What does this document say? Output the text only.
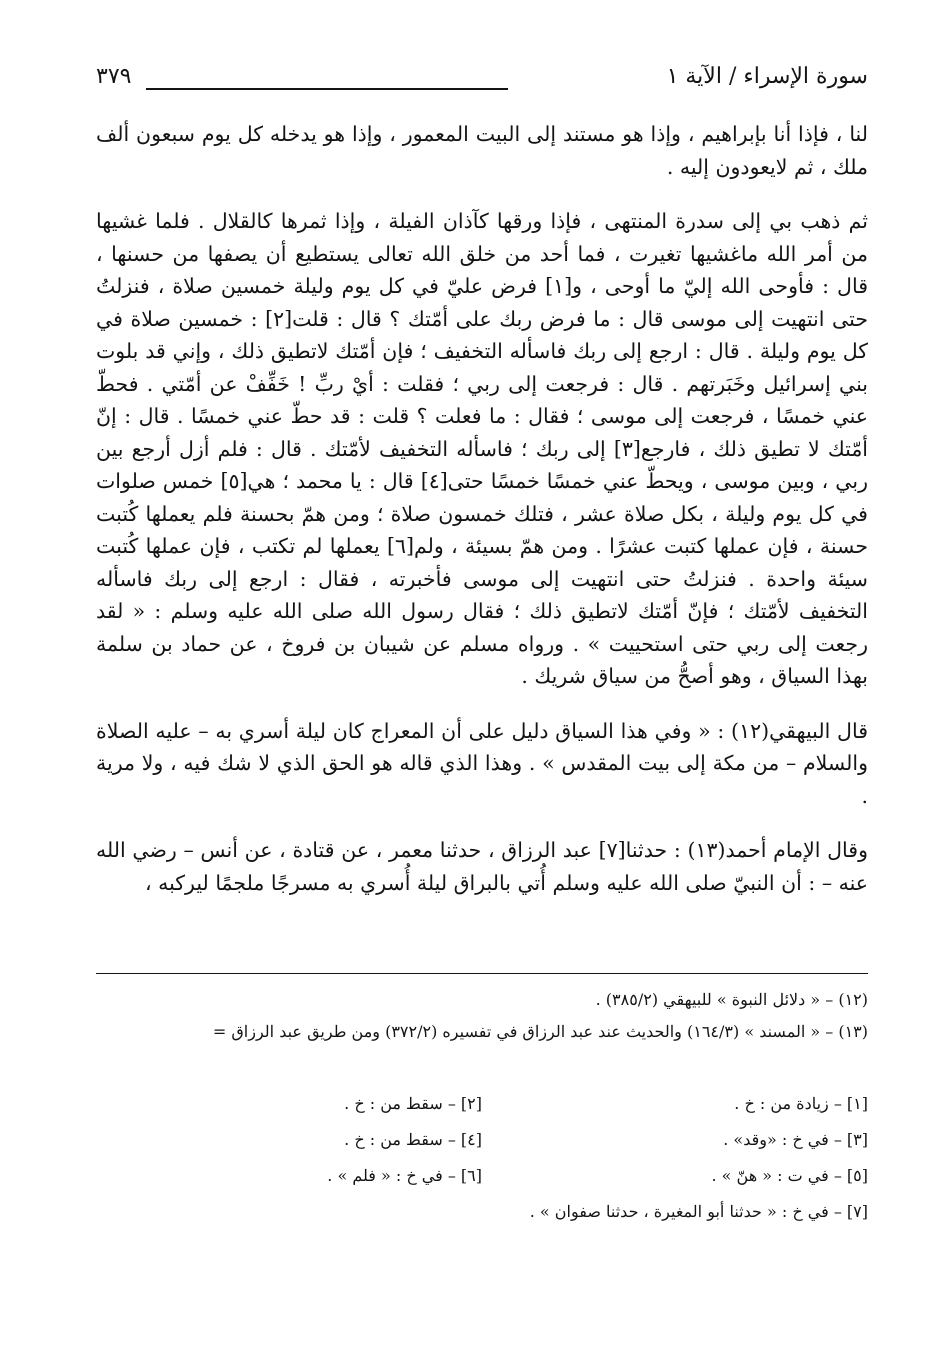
سورة الإسراء / الآية ١
٣٧٩

لنا ، فإذا أنا بإبراهيم ، وإذا هو مستند إلى البيت المعمور ، وإذا هو يدخله كل يوم سبعون ألف ملك ، ثم لايعودون إليه .

ثم ذهب بي إلى سدرة المنتهى ، فإذا ورقها كآذان الفيلة ، وإذا ثمرها كالقلال . فلما غشيها من أمر الله ماغشيها تغيرت ، فما أحد من خلق الله تعالى يستطيع أن يصفها من حسنها ، قال : فأوحى الله إليّ ما أوحى ، و[١] فرض عليّ في كل يوم وليلة خمسين صلاة ، فنزلتُ حتى انتهيت إلى موسى قال : ما فرض ربك على أمّتك ؟ قال : قلت[٢] : خمسين صلاة في كل يوم وليلة . قال : ارجع إلى ربك فاسأله التخفيف ؛ فإن أمّتك لاتطيق ذلك ، وإني قد بلوت بني إسرائيل وخَبَرتهم . قال : فرجعت إلى ربي ؛ فقلت : أيْ ربِّ ! خَفِّفْ عن أمّتي . فحطّ عني خمسًا ، فرجعت إلى موسى ؛ فقال : ما فعلت ؟ قلت : قد حطّ عني خمسًا . قال : إنّ أمّتك لا تطيق ذلك ، فارجع[٣] إلى ربك ؛ فاسأله التخفيف لأمّتك . قال : فلم أزل أرجع بين ربي ، وبين موسى ، ويحطّ عني خمسًا خمسًا حتى[٤] قال : يا محمد ؛ هي[٥] خمس صلوات في كل يوم وليلة ، بكل صلاة عشر ، فتلك خمسون صلاة ؛ ومن همّ بحسنة فلم يعملها كُتبت حسنة ، فإن عملها كتبت عشرًا . ومن همّ بسيئة ، ولم[٦] يعملها لم تكتب ، فإن عملها كُتبت سيئة واحدة . فنزلتُ حتى انتهيت إلى موسى فأخبرته ، فقال : ارجع إلى ربك فاسأله التخفيف لأمّتك ؛ فإنّ أمّتك لاتطيق ذلك ؛ فقال رسول الله صلى الله عليه وسلم : « لقد رجعت إلى ربي حتى استحييت » . ورواه مسلم عن شيبان بن فروخ ، عن حماد بن سلمة بهذا السياق ، وهو أصحُّ من سياق شريك .

قال البيهقي(١٢) : « وفي هذا السياق دليل على أن المعراج كان ليلة أسري به – عليه الصلاة والسلام – من مكة إلى بيت المقدس » . وهذا الذي قاله هو الحق الذي لا شك فيه ، ولا مرية .

وقال الإمام أحمد(١٣) : حدثنا[٧] عبد الرزاق ، حدثنا معمر ، عن قتادة ، عن أنس – رضي الله عنه – : أن النبيّ صلى الله عليه وسلم أُتي بالبراق ليلة أُسري به مسرجًا ملجمًا ليركبه ،

(١٢) – « دلائل النبوة » للبيهقي (٣٨٥/٢) .
(١٣) – « المسند » (١٦٤/٣) والحديث عند عبد الرزاق في تفسيره (٣٧٢/٢) ومن طريق عبد الرزاق =
[١] – زيادة من : خ .
[٢] – سقط من : خ .
[٣] – في خ : «وقد» .
[٤] – سقط من : خ .
[٥] – في ت : « هنّ » .
[٦] – في خ : « فلم » .
[٧] – في خ : « حدثنا أبو المغيرة ، حدثنا صفوان » .
